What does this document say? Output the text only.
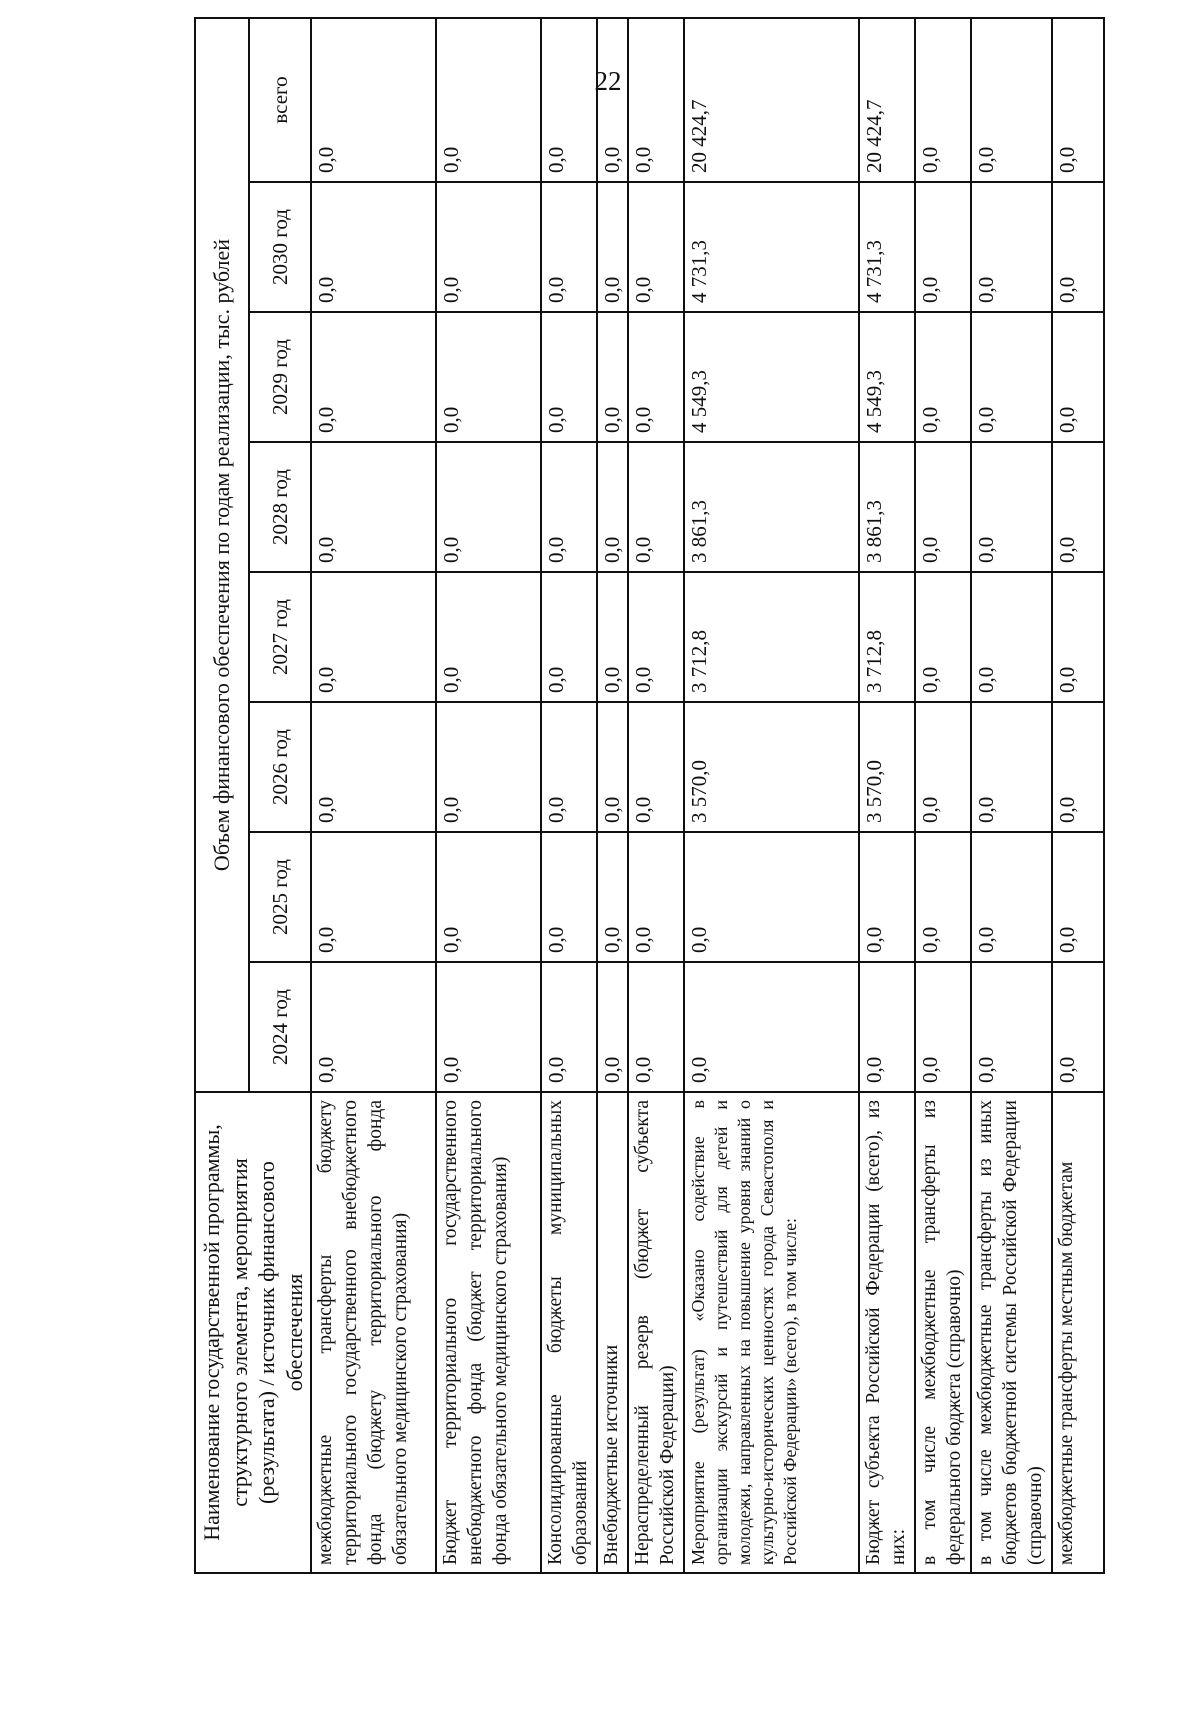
22
Наименование государственной программы, структурного элемента, мероприятия (результата) / источник финансового обеспечения	Объем финансового обеспечения по годам реализации, тыс. рублей							
	2024 год	2025 год	2026 год	2027 год	2028 год	2029 год	2030 год	всего
межбюджетные трансферты бюджету территориального государственного внебюджетного фонда (бюджету территориального фонда обязательного медицинского страхования)	0,0	0,0	0,0	0,0	0,0	0,0	0,0	0,0
Бюджет территориального государственного внебюджетного фонда (бюджет территориального фонда обязательного медицинского страхования)	0,0	0,0	0,0	0,0	0,0	0,0	0,0	0,0
Консолидированные бюджеты муниципальных образований	0,0	0,0	0,0	0,0	0,0	0,0	0,0	0,0
Внебюджетные источники	0,0	0,0	0,0	0,0	0,0	0,0	0,0	0,0
Нераспределенный резерв (бюджет субъекта Российской Федерации)	0,0	0,0	0,0	0,0	0,0	0,0	0,0	0,0
Мероприятие (результат) «Оказано содействие в организации экскурсий и путешествий для детей и молодежи, направленных на повышение уровня знаний о культурно-исторических ценностях города Севастополя и Российской Федерации» (всего), в том числе:	0,0	0,0	3 570,0	3 712,8	3 861,3	4 549,3	4 731,3	20 424,7
Бюджет субъекта Российской Федерации (всего), из них:	0,0	0,0	3 570,0	3 712,8	3 861,3	4 549,3	4 731,3	20 424,7
в том числе межбюджетные трансферты из федерального бюджета (справочно)	0,0	0,0	0,0	0,0	0,0	0,0	0,0	0,0
в том числе межбюджетные трансферты из иных бюджетов бюджетной системы Российской Федерации (справочно)	0,0	0,0	0,0	0,0	0,0	0,0	0,0	0,0
межбюджетные трансферты местным бюджетам	0,0	0,0	0,0	0,0	0,0	0,0	0,0	0,0
